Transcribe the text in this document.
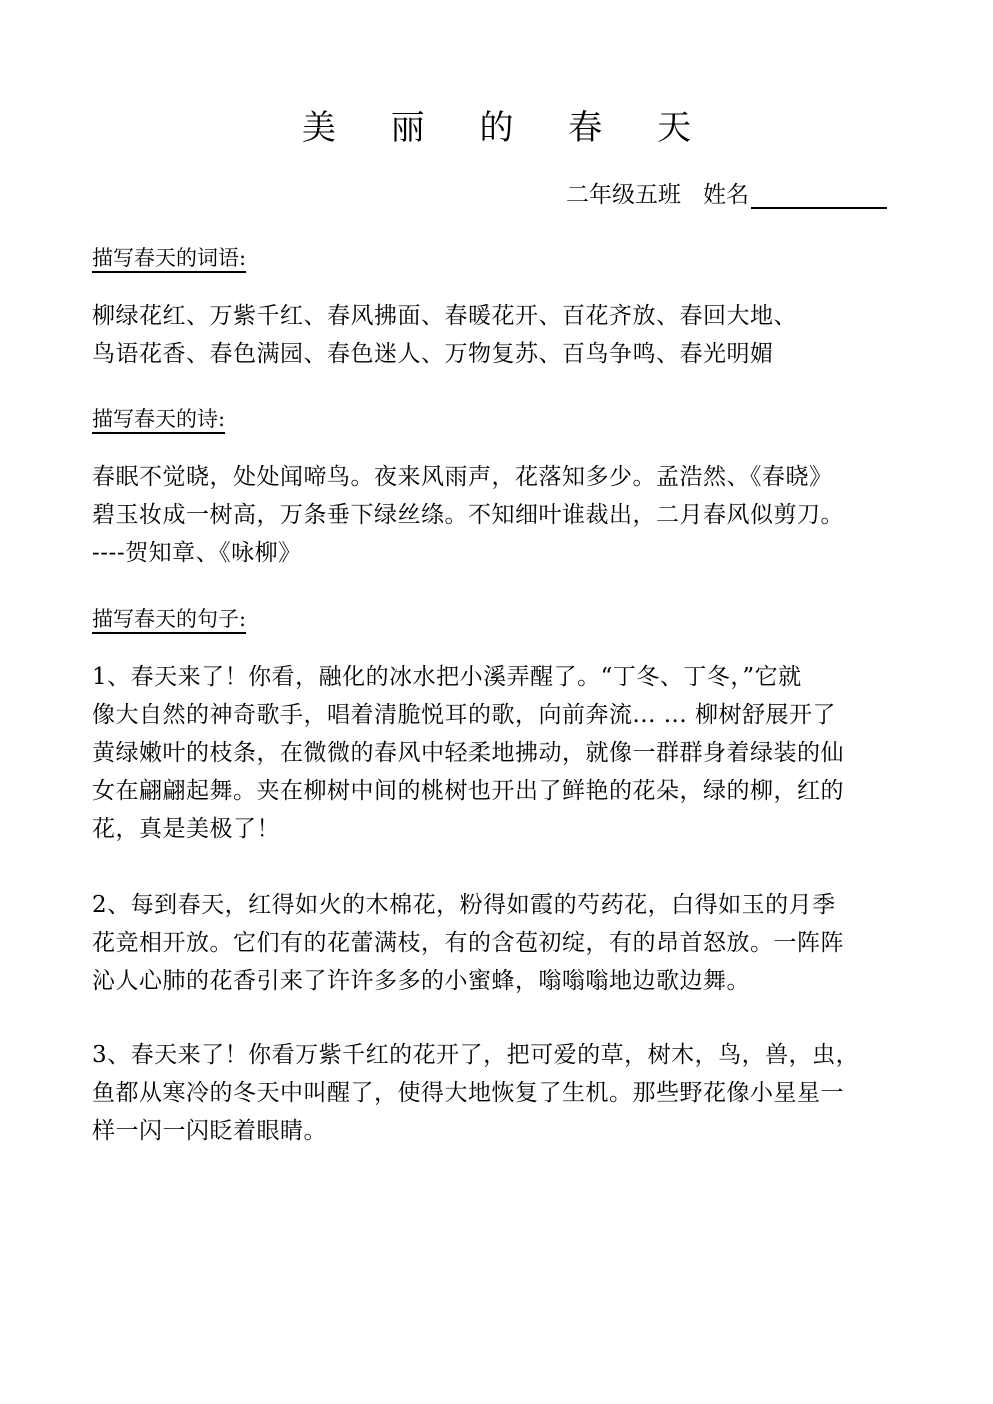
美 丽 的 春 天
二年级五班 姓名
描写春天的词语:
柳绿花红、万紫千红、春风拂面、春暖花开、百花齐放、春回大地、
鸟语花香、春色满园、春色迷人、万物复苏、百鸟争鸣、春光明媚
描写春天的诗:
春眠不觉晓，处处闻啼鸟。夜来风雨声，花落知多少。孟浩然、《春晓》
碧玉妆成一树高，万条垂下绿丝绦。不知细叶谁裁出，二月春风似剪刀。
----贺知章、《咏柳》
描写春天的句子:
1、春天来了！你看，融化的冰水把小溪弄醒了。“丁冬、丁冬，”它就
像大自然的神奇歌手，唱着清脆悦耳的歌，向前奔流... ... 柳树舒展开了
黄绿嫩叶的枝条，在微微的春风中轻柔地拂动，就像一群群身着绿装的仙
女在翩翩起舞。夹在柳树中间的桃树也开出了鲜艳的花朵，绿的柳，红的
花，真是美极了！
2、每到春天，红得如火的木棉花，粉得如霞的芍药花，白得如玉的月季
花竞相开放。它们有的花蕾满枝，有的含苞初绽，有的昂首怒放。一阵阵
沁人心肺的花香引来了许许多多的小蜜蜂，嗡嗡嗡地边歌边舞。
3、春天来了！你看万紫千红的花开了，把可爱的草，树木，鸟，兽，虫，
鱼都从寒冷的冬天中叫醒了，使得大地恢复了生机。那些野花像小星星一
样一闪一闪眨着眼睛。
